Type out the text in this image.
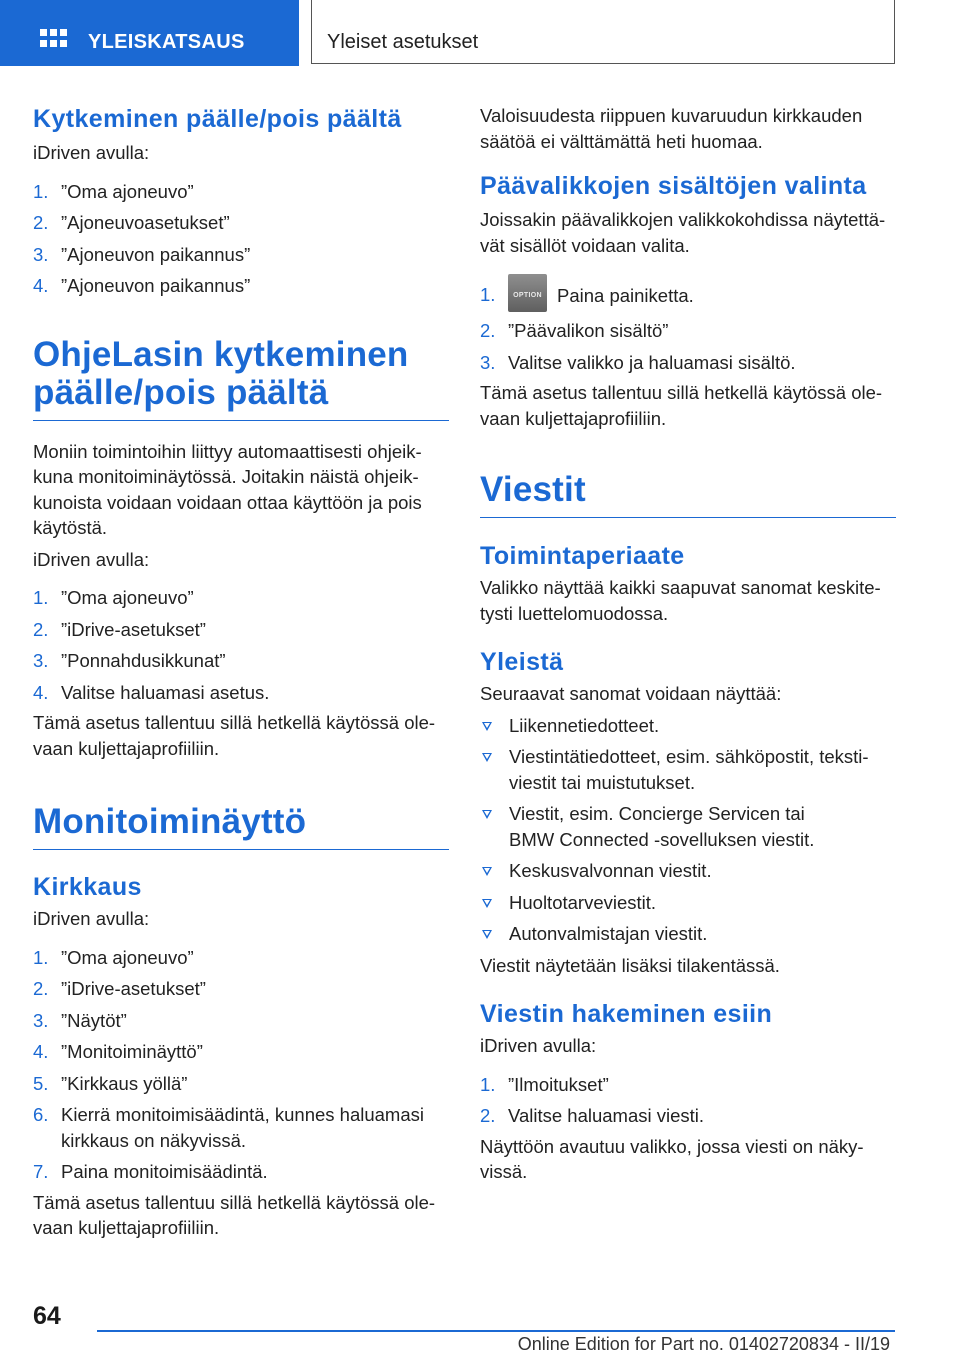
YLEISKATSAUS	Yleiset asetukset
Kytkeminen päälle/pois päältä
iDriven avulla:
1. ”Oma ajoneuvo”
2. ”Ajoneuvoasetukset”
3. ”Ajoneuvon paikannus”
4. ”Ajoneuvon paikannus”
OhjeLasin kytkeminen
päälle/pois päältä
Moniin toimintoihin liittyy automaattisesti ohjeik-
kuna monitoiminäytössä. Joitakin näistä ohjeik-
kunoista voidaan voidaan ottaa käyttöön ja pois
käytöstä.
iDriven avulla:
1. ”Oma ajoneuvo”
2. ”iDrive-asetukset”
3. ”Ponnahdusikkunat”
4. Valitse haluamasi asetus.
Tämä asetus tallentuu sillä hetkellä käytössä ole-
vaan kuljettajaprofiiliin.
Monitoiminäyttö
Kirkkaus
iDriven avulla:
1. ”Oma ajoneuvo”
2. ”iDrive-asetukset”
3. ”Näytöt”
4. ”Monitoiminäyttö”
5. ”Kirkkaus yöllä”
6. Kierrä monitoimisäädintä, kunnes haluamasi
kirkkaus on näkyvissä.
7. Paina monitoimisäädintä.
Tämä asetus tallentuu sillä hetkellä käytössä ole-
vaan kuljettajaprofiiliin.
Valoisuudesta riippuen kuvaruudun kirkkauden
säätöä ei välttämättä heti huomaa.
Päävalikkojen sisältöjen valinta
Joissakin päävalikkojen valikkokohdissa näytettä-
vät sisällöt voidaan valita.
1.	OPTION Paina painiketta.
2. ”Päävalikon sisältö”
3. Valitse valikko ja haluamasi sisältö.
Tämä asetus tallentuu sillä hetkellä käytössä ole-
vaan kuljettajaprofiiliin.
Viestit
Toimintaperiaate
Valikko näyttää kaikki saapuvat sanomat keskite-
tysti luettelomuodossa.
Yleistä
Seuraavat sanomat voidaan näyttää:
Liikennetiedotteet.
Viestintätiedotteet, esim. sähköpostit, teksti-
viestit tai muistutukset.
Viestit, esim. Concierge Servicen tai
BMW Connected -sovelluksen viestit.
Keskusvalvonnan viestit.
Huoltotarveviestit.
Autonvalmistajan viestit.
Viestit näytetään lisäksi tilakentässä.
Viestin hakeminen esiin
iDriven avulla:
1. ”Ilmoitukset”
2. Valitse haluamasi viesti.
Näyttöön avautuu valikko, jossa viesti on näky-
vissä.
64
Online Edition for Part no. 01402720834 - II/19
